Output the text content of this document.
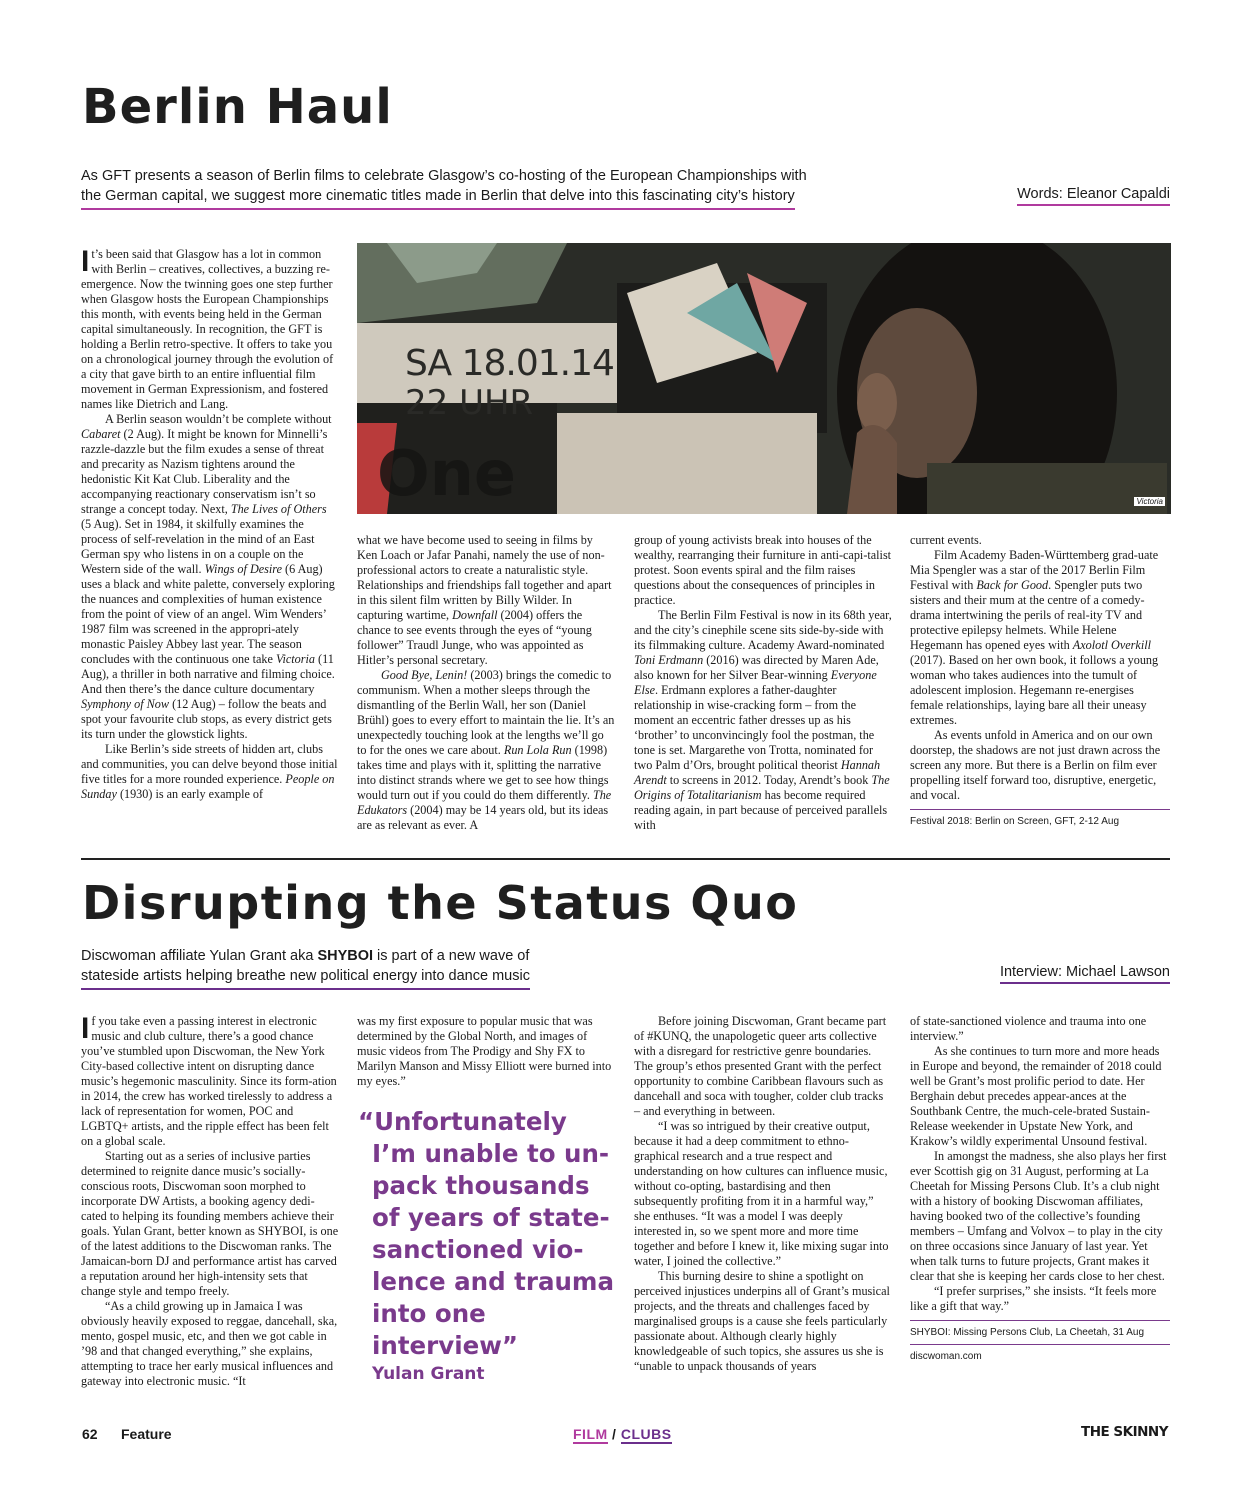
Berlin Haul
As GFT presents a season of Berlin films to celebrate Glasgow’s co-hosting of the European Championships with
the German capital, we suggest more cinematic titles made in Berlin that delve into this fascinating city’s history	Words: Eleanor Capaldi
One
SA 18.01.14
22 UHR
Victoria

It’s been said that Glasgow has a lot in common with Berlin – creatives, collectives, a buzzing re-emergence. Now the twinning goes one step further when Glasgow hosts the European Championships this month, with events being held in the German capital simultaneously. In recognition, the GFT is holding a Berlin retro-spective. It offers to take you on a chronological journey through the evolution of a city that gave birth to an entire influential film movement in German Expressionism, and fostered names like Dietrich and Lang.

A Berlin season wouldn’t be complete without Cabaret (2 Aug). It might be known for Minnelli’s razzle-dazzle but the film exudes a sense of threat and precarity as Nazism tightens around the hedonistic Kit Kat Club. Liberality and the accompanying reactionary conservatism isn’t so strange a concept today. Next, The Lives of Others (5 Aug). Set in 1984, it skilfully examines the process of self-revelation in the mind of an East German spy who listens in on a couple on the Western side of the wall. Wings of Desire (6 Aug) uses a black and white palette, conversely exploring the nuances and complexities of human existence from the point of view of an angel. Wim Wenders’ 1987 film was screened in the appropri-ately monastic Paisley Abbey last year. The season concludes with the continuous one take Victoria (11 Aug), a thriller in both narrative and filming choice. And then there’s the dance culture documentary Symphony of Now (12 Aug) – follow the beats and spot your favourite club stops, as every district gets its turn under the glowstick lights.

Like Berlin’s side streets of hidden art, clubs and communities, you can delve beyond those initial five titles for a more rounded experience. People on Sunday (1930) is an early example of

what we have become used to seeing in films by Ken Loach or Jafar Panahi, namely the use of non-professional actors to create a naturalistic style. Relationships and friendships fall together and apart in this silent film written by Billy Wilder. In capturing wartime, Downfall (2004) offers the chance to see events through the eyes of “young follower” Traudl Junge, who was appointed as Hitler’s personal secretary.

Good Bye, Lenin! (2003) brings the comedic to communism. When a mother sleeps through the dismantling of the Berlin Wall, her son (Daniel Brühl) goes to every effort to maintain the lie. It’s an unexpectedly touching look at the lengths we’ll go to for the ones we care about. Run Lola Run (1998) takes time and plays with it, splitting the narrative into distinct strands where we get to see how things would turn out if you could do them differently. The Edukators (2004) may be 14 years old, but its ideas are as relevant as ever. A

group of young activists break into houses of the wealthy, rearranging their furniture in anti-capi-talist protest. Soon events spiral and the film raises questions about the consequences of principles in practice.

The Berlin Film Festival is now in its 68th year, and the city’s cinephile scene sits side-by-side with its filmmaking culture. Academy Award-nominated Toni Erdmann (2016) was directed by Maren Ade, also known for her Silver Bear-winning Everyone Else. Erdmann explores a father-daughter relationship in wise-cracking form – from the moment an eccentric father dresses up as his ‘brother’ to unconvincingly fool the postman, the tone is set. Margarethe von Trotta, nominated for two Palm d’Ors, brought political theorist Hannah Arendt to screens in 2012. Today, Arendt’s book The Origins of Totalitarianism has become required reading again, in part because of perceived parallels with

current events.

Film Academy Baden-Württemberg grad-uate Mia Spengler was a star of the 2017 Berlin Film Festival with Back for Good. Spengler puts two sisters and their mum at the centre of a comedy-drama intertwining the perils of real-ity TV and protective epilepsy helmets. While Helene Hegemann has opened eyes with Axolotl Overkill (2017). Based on her own book, it follows a young woman who takes audiences into the tumult of adolescent implosion. Hegemann re-energises female relationships, laying bare all their uneasy extremes.

As events unfold in America and on our own doorstep, the shadows are not just drawn across the screen any more. But there is a Berlin on film ever propelling itself forward too, disruptive, energetic, and vocal.

Festival 2018: Berlin on Screen, GFT, 2-12 Aug
Disrupting the Status Quo
Discwoman affiliate Yulan Grant aka SHYBOI is part of a new wave of
stateside artists helping breathe new political energy into dance music	Interview: Michael Lawson

If you take even a passing interest in electronic music and club culture, there’s a good chance you’ve stumbled upon Discwoman, the New York City-based collective intent on disrupting dance music’s hegemonic masculinity. Since its form-ation in 2014, the crew has worked tirelessly to address a lack of representation for women, POC and LGBTQ+ artists, and the ripple effect has been felt on a global scale.

Starting out as a series of inclusive parties determined to reignite dance music’s socially-conscious roots, Discwoman soon morphed to incorporate DW Artists, a booking agency dedi-cated to helping its founding members achieve their goals. Yulan Grant, better known as SHYBOI, is one of the latest additions to the Discwoman ranks. The Jamaican-born DJ and performance artist has carved a reputation around her high-intensity sets that change style and tempo freely.

“As a child growing up in Jamaica I was obviously heavily exposed to reggae, dancehall, ska, mento, gospel music, etc, and then we got cable in ’98 and that changed everything,” she explains, attempting to trace her early musical influences and gateway into electronic music. “It

was my first exposure to popular music that was determined by the Global North, and images of music videos from The Prodigy and Shy FX to Marilyn Manson and Missy Elliott were burned into my eyes.”

“Unfortunately
I’m unable to un-
pack thousands
of years of state-
sanctioned vio-
lence and trauma
into one interview”
Yulan Grant

Before joining Discwoman, Grant became part of #KUNQ, the unapologetic queer arts collective with a disregard for restrictive genre boundaries. The group’s ethos presented Grant with the perfect opportunity to combine Caribbean flavours such as dancehall and soca with tougher, colder club tracks – and everything in between.

“I was so intrigued by their creative output, because it had a deep commitment to ethno-graphical research and a true respect and understanding on how cultures can influence music, without co-opting, bastardising and then subsequently profiting from it in a harmful way,” she enthuses. “It was a model I was deeply interested in, so we spent more and more time together and before I knew it, like mixing sugar into water, I joined the collective.”

This burning desire to shine a spotlight on perceived injustices underpins all of Grant’s musical projects, and the threats and challenges faced by marginalised groups is a cause she feels particularly passionate about. Although clearly highly knowledgeable of such topics, she assures us she is “unable to unpack thousands of years

of state-sanctioned violence and trauma into one interview.”

As she continues to turn more and more heads in Europe and beyond, the remainder of 2018 could well be Grant’s most prolific period to date. Her Berghain debut precedes appear-ances at the Southbank Centre, the much-cele-brated Sustain-Release weekender in Upstate New York, and Krakow’s wildly experimental Unsound festival.

In amongst the madness, she also plays her first ever Scottish gig on 31 August, performing at La Cheetah for Missing Persons Club. It’s a club night with a history of booking Discwoman affiliates, having booked two of the collective’s founding members – Umfang and Volvox – to play in the city on three occasions since January of last year. Yet when talk turns to future projects, Grant makes it clear that she is keeping her cards close to her chest.

“I prefer surprises,” she insists. “It feels more like a gift that way.”

SHYBOI: Missing Persons Club, La Cheetah, 31 Aug
discwoman.com
62 Feature	FILM / CLUBS	THE SKINNY
